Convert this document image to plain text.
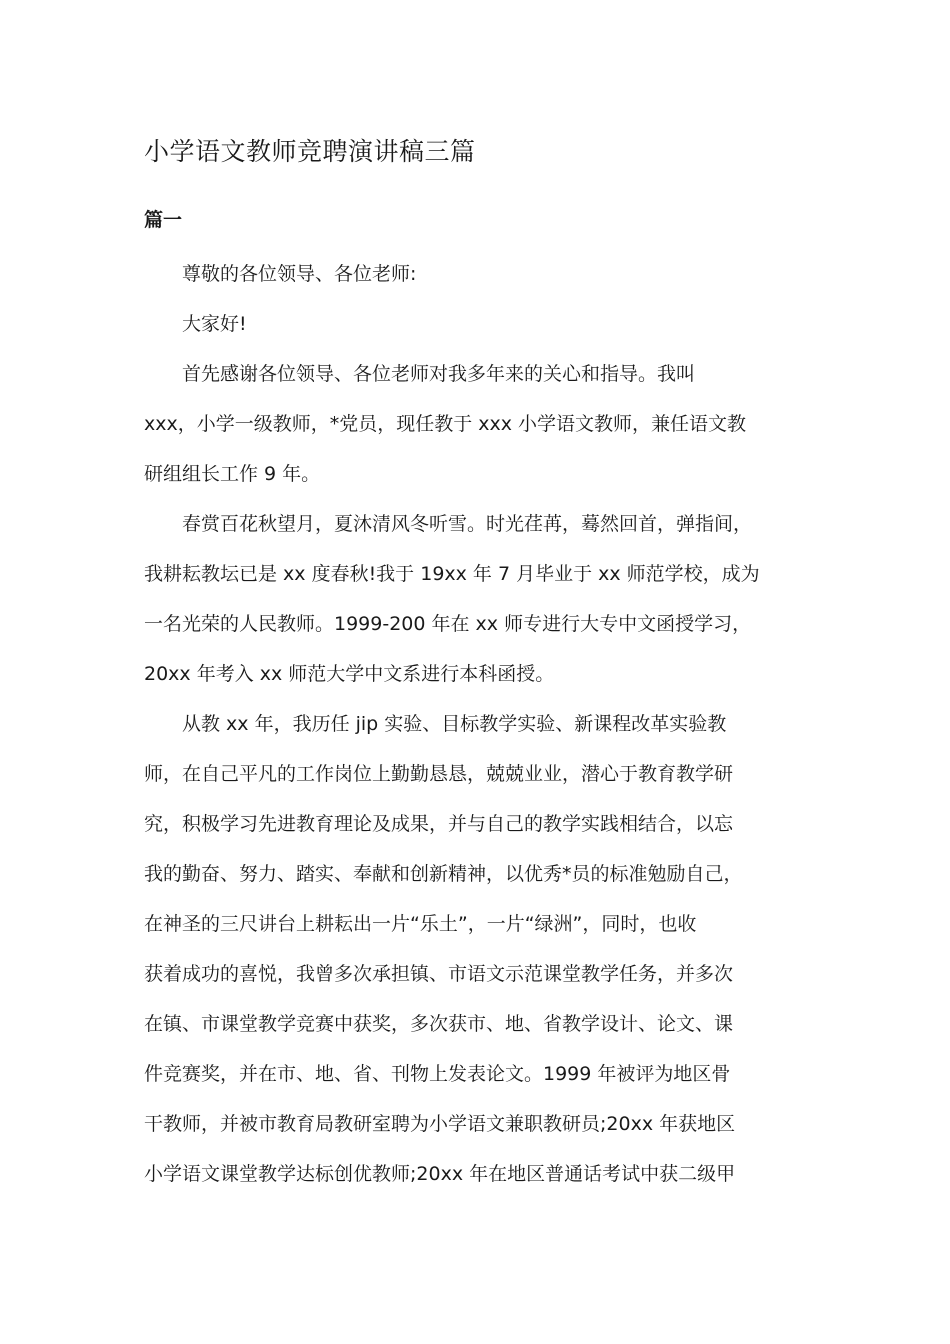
小学语文教师竞聘演讲稿三篇
篇一

尊敬的各位领导、各位老师:

大家好!

首先感谢各位领导、各位老师对我多年来的关心和指导。我叫
xxx，小学一级教师，*党员，现任教于 xxx 小学语文教师，兼任语文教
研组组长工作 9 年。

春赏百花秋望月，夏沐清风冬听雪。时光荏苒，蓦然回首，弹指间，
我耕耘教坛已是 xx 度春秋!我于 19xx 年 7 月毕业于 xx 师范学校，成为
一名光荣的人民教师。1999-200 年在 xx 师专进行大专中文函授学习，
20xx 年考入 xx 师范大学中文系进行本科函授。

从教 xx 年，我历任 jip 实验、目标教学实验、新课程改革实验教
师，在自己平凡的工作岗位上勤勤恳恳，兢兢业业，潜心于教育教学研
究，积极学习先进教育理论及成果，并与自己的教学实践相结合，以忘
我的勤奋、努力、踏实、奉献和创新精神，以优秀*员的标准勉励自己，
在神圣的三尺讲台上耕耘出一片“乐土”，一片“绿洲”，同时，也收
获着成功的喜悦，我曾多次承担镇、市语文示范课堂教学任务，并多次
在镇、市课堂教学竞赛中获奖，多次获市、地、省教学设计、论文、课
件竞赛奖，并在市、地、省、刊物上发表论文。1999 年被评为地区骨
干教师，并被市教育局教研室聘为小学语文兼职教研员;20xx 年获地区
小学语文课堂教学达标创优教师;20xx 年在地区普通话考试中获二级甲
